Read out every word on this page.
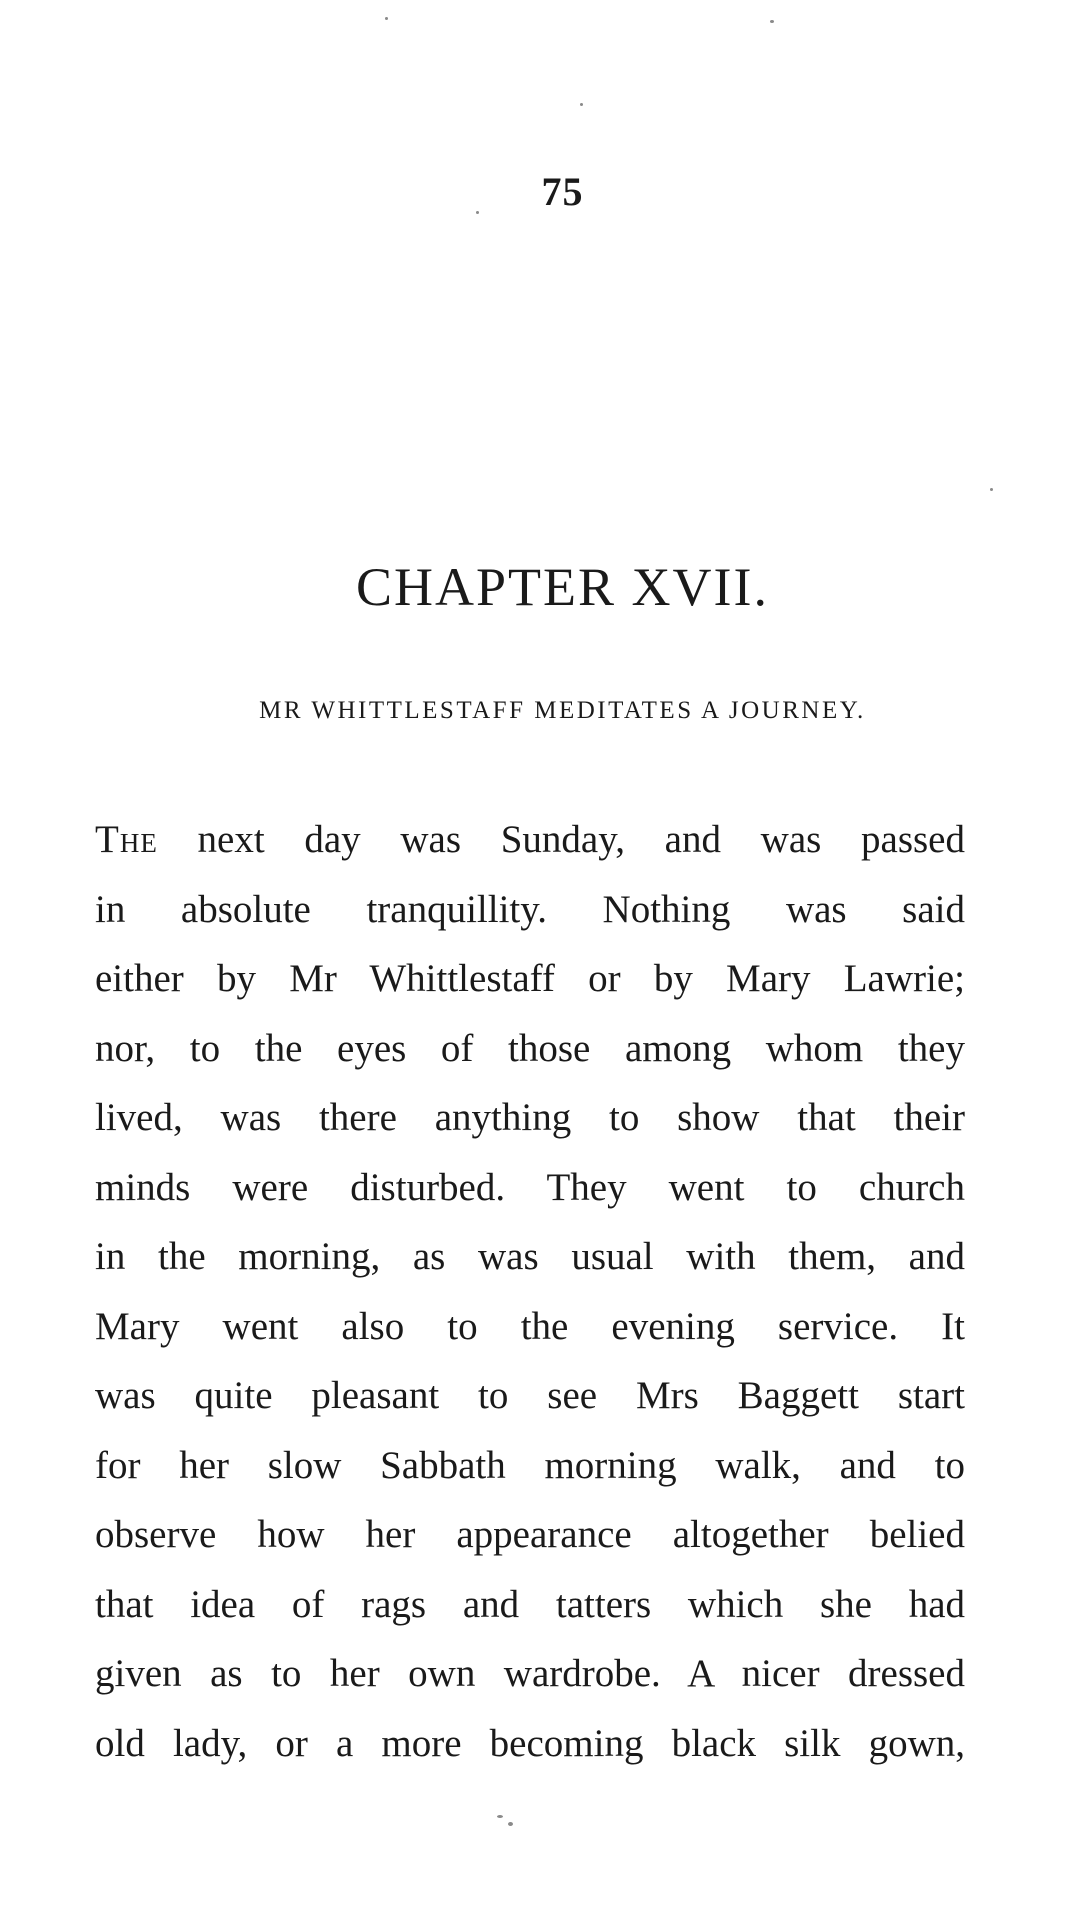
75
CHAPTER XVII.
MR WHITTLESTAFF MEDITATES A JOURNEY.
The next day was Sunday, and was passed
in absolute tranquillity. Nothing was said
either by Mr Whittlestaff or by Mary Lawrie;
nor, to the eyes of those among whom they
lived, was there anything to show that their
minds were disturbed. They went to church
in the morning, as was usual with them, and
Mary went also to the evening service. It
was quite pleasant to see Mrs Baggett start
for her slow Sabbath morning walk, and to
observe how her appearance altogether belied
that idea of rags and tatters which she had
given as to her own wardrobe. A nicer dressed
old lady, or a more becoming black silk gown,
